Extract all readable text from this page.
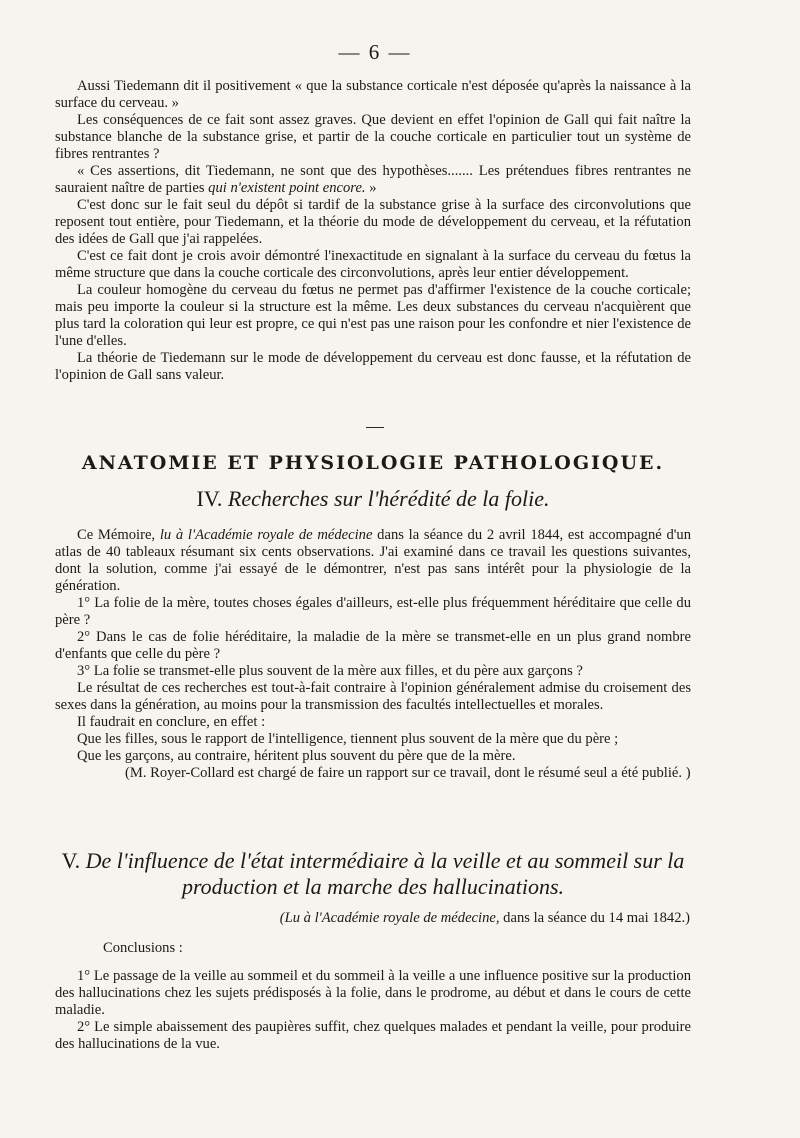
— 6 —

Aussi Tiedemann dit il positivement « que la substance corticale n'est déposée qu'après la naissance à la surface du cerveau. »

Les conséquences de ce fait sont assez graves. Que devient en effet l'opinion de Gall qui fait naître la substance blanche de la substance grise, et partir de la couche corticale en particulier tout un système de fibres rentrantes ?

« Ces assertions, dit Tiedemann, ne sont que des hypothèses....... Les prétendues fibres rentrantes ne sauraient naître de parties qui n'existent point encore. »

C'est donc sur le fait seul du dépôt si tardif de la substance grise à la surface des circonvolutions que reposent tout entière, pour Tiedemann, et la théorie du mode de développement du cerveau, et la réfutation des idées de Gall que j'ai rappelées.

C'est ce fait dont je crois avoir démontré l'inexactitude en signalant à la surface du cerveau du fœtus la même structure que dans la couche corticale des circonvolutions, après leur entier développement.

La couleur homogène du cerveau du fœtus ne permet pas d'affirmer l'existence de la couche corticale; mais peu importe la couleur si la structure est la même. Les deux substances du cerveau n'acquièrent que plus tard la coloration qui leur est propre, ce qui n'est pas une raison pour les confondre et nier l'existence de l'une d'elles.

La théorie de Tiedemann sur le mode de développement du cerveau est donc fausse, et la réfutation de l'opinion de Gall sans valeur.

ANATOMIE ET PHYSIOLOGIE PATHOLOGIQUE.
IV. Recherches sur l'hérédité de la folie.

Ce Mémoire, lu à l'Académie royale de médecine dans la séance du 2 avril 1844, est accompagné d'un atlas de 40 tableaux résumant six cents observations. J'ai examiné dans ce travail les questions suivantes, dont la solution, comme j'ai essayé de le démontrer, n'est pas sans intérêt pour la physiologie de la génération.

1° La folie de la mère, toutes choses égales d'ailleurs, est-elle plus fréquemment héréditaire que celle du père ?

2° Dans le cas de folie héréditaire, la maladie de la mère se transmet-elle en un plus grand nombre d'enfants que celle du père ?

3° La folie se transmet-elle plus souvent de la mère aux filles, et du père aux garçons ?

Le résultat de ces recherches est tout-à-fait contraire à l'opinion généralement admise du croisement des sexes dans la génération, au moins pour la transmission des facultés intellectuelles et morales.

Il faudrait en conclure, en effet :

Que les filles, sous le rapport de l'intelligence, tiennent plus souvent de la mère que du père ;

Que les garçons, au contraire, héritent plus souvent du père que de la mère.

(M. Royer-Collard est chargé de faire un rapport sur ce travail, dont le résumé seul a été publié. )

V. De l'influence de l'état intermédiaire à la veille et au sommeil sur la production et la marche des hallucinations.
(Lu à l'Académie royale de médecine, dans la séance du 14 mai 1842.)
Conclusions :

1° Le passage de la veille au sommeil et du sommeil à la veille a une influence positive sur la production des hallucinations chez les sujets prédisposés à la folie, dans le prodrome, au début et dans le cours de cette maladie.

2° Le simple abaissement des paupières suffit, chez quelques malades et pendant la veille, pour produire des hallucinations de la vue.
